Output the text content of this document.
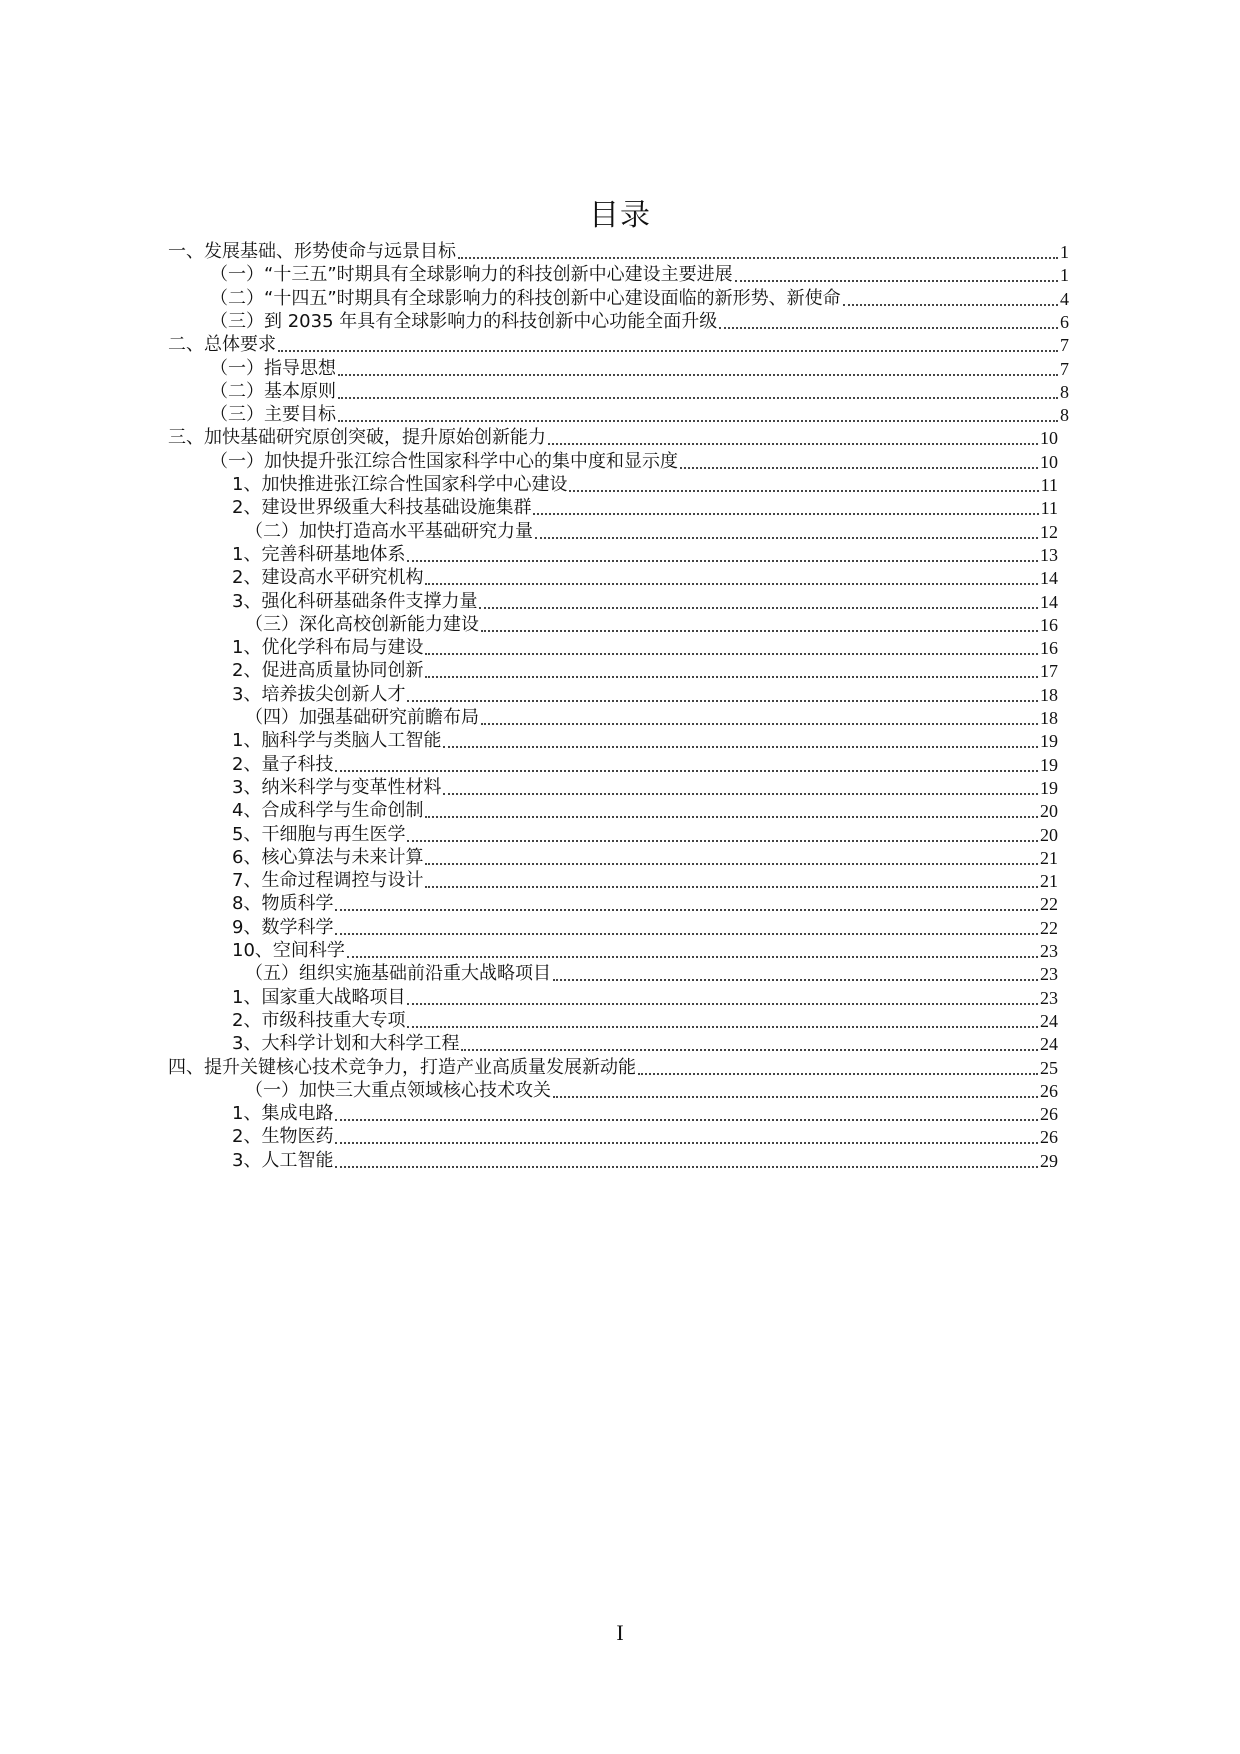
目录
一、发展基础、形势使命与远景目标	1
（一）“十三五”时期具有全球影响力的科技创新中心建设主要进展	1
（二）“十四五”时期具有全球影响力的科技创新中心建设面临的新形势、新使命	4
（三）到 2035 年具有全球影响力的科技创新中心功能全面升级	6
二、总体要求	7
（一）指导思想	7
（二）基本原则	8
（三）主要目标	8
三、加快基础研究原创突破，提升原始创新能力	10
（一）加快提升张江综合性国家科学中心的集中度和显示度	10
1、加快推进张江综合性国家科学中心建设	11
2、建设世界级重大科技基础设施集群	11
（二）加快打造高水平基础研究力量	12
1、完善科研基地体系	13
2、建设高水平研究机构	14
3、强化科研基础条件支撑力量	14
（三）深化高校创新能力建设	16
1、优化学科布局与建设	16
2、促进高质量协同创新	17
3、培养拔尖创新人才	18
（四）加强基础研究前瞻布局	18
1、脑科学与类脑人工智能	19
2、量子科技	19
3、纳米科学与变革性材料	19
4、合成科学与生命创制	20
5、干细胞与再生医学	20
6、核心算法与未来计算	21
7、生命过程调控与设计	21
8、物质科学	22
9、数学科学	22
10、空间科学	23
（五）组织实施基础前沿重大战略项目	23
1、国家重大战略项目	23
2、市级科技重大专项	24
3、大科学计划和大科学工程	24
四、提升关键核心技术竞争力，打造产业高质量发展新动能	25
（一）加快三大重点领域核心技术攻关	26
1、集成电路	26
2、生物医药	26
3、人工智能	29
I
